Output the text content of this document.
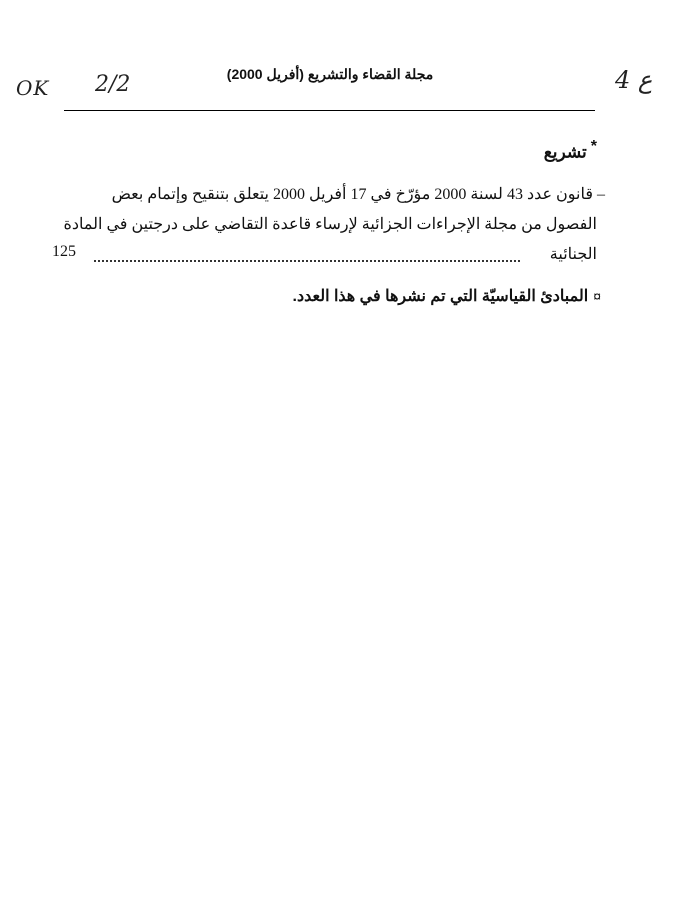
OK 2/2	4 ع
مجلة القضاء والتشريع (أفريل 2000)
*تشريع
– قانون عدد 43 لسنة 2000 مؤرّخ في 17 أفريل 2000 يتعلق بتنقيح وإتمام بعض
الفصول من مجلة الإجراءات الجزائية لإرساء قاعدة التقاضي على درجتين في المادة
الجنائية
125
¤المبادئ القياسيّة التي تم نشرها في هذا العدد.
